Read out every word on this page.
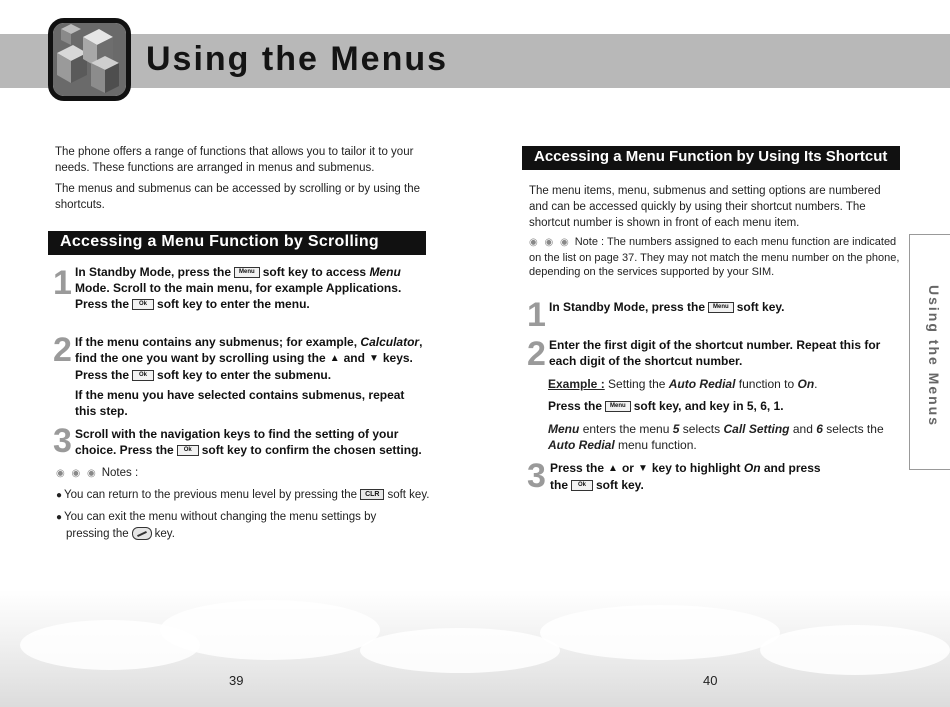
Using the Menus
The phone offers a range of functions that allows you to tailor it to your needs. These functions are arranged in menus and submenus.
The menus and submenus can be accessed by scrolling or by using the shortcuts.
Accessing a Menu Function by Scrolling
1 In Standby Mode, press the Menu soft key to access Menu
Mode. Scroll to the main menu, for example Applications.
Press the Ok soft key to enter the menu.
2 If the menu contains any submenus; for example, Calculator,
find the one you want by scrolling using the ▲ and ▼ keys.
Press the Ok soft key to enter the submenu.
If the menu you have selected contains submenus, repeat this step.
3 Scroll with the navigation keys to find the setting of your
choice. Press the Ok soft key to confirm the chosen setting.
◉ ◉ ◉ Notes :
● You can return to the previous menu level by pressing the CLR soft key.
● You can exit the menu without changing the menu settings by
pressing the key.
Accessing a Menu Function by Using Its Shortcut
The menu items, menu, submenus and setting options are numbered and can be accessed quickly by using their shortcut numbers. The shortcut number is shown in front of each menu item.
◉ ◉ ◉ Note : The numbers assigned to each menu function are indicated on the list on page 37. They may not match the menu number on the phone, depending on the services supported by your SIM.
1 In Standby Mode, press the Menu soft key.
2 Enter the first digit of the shortcut number. Repeat this for each digit of the shortcut number.
Example : Setting the Auto Redial function to On.
Press the Menu soft key, and key in 5, 6, 1.
Menu enters the menu 5 selects Call Setting and 6 selects the Auto Redial menu function.
3 Press the ▲ or ▼ key to highlight On and press
the Ok soft key.
Using the Menus
39	40
